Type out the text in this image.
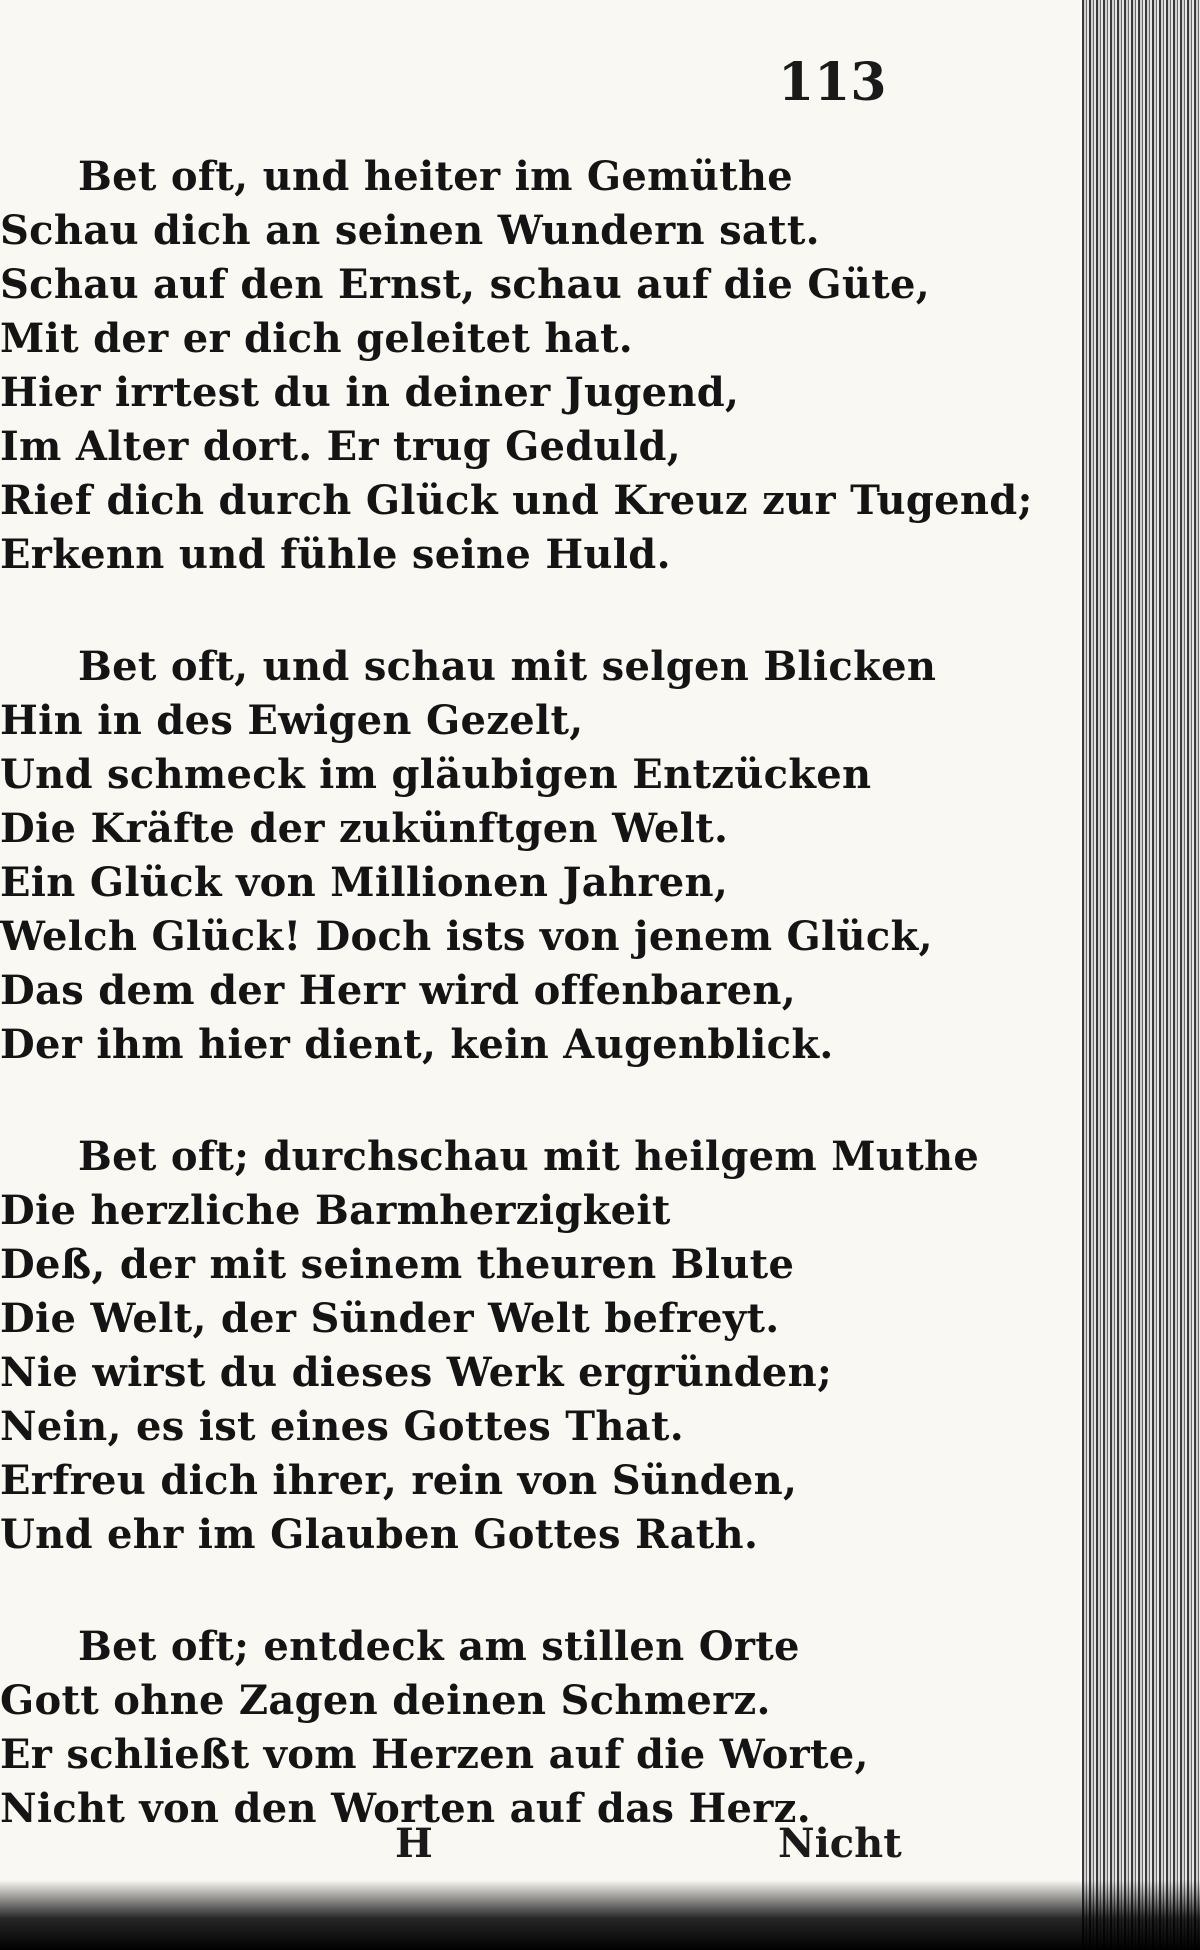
113
Bet oft, und heiter im Gemüthe
Schau dich an seinen Wundern satt.
Schau auf den Ernst, schau auf die Güte,
Mit der er dich geleitet hat.
Hier irrtest du in deiner Jugend,
Im Alter dort. Er trug Geduld,
Rief dich durch Glück und Kreuz zur Tugend;
Erkenn und fühle seine Huld.
Bet oft, und schau mit selgen Blicken
Hin in des Ewigen Gezelt,
Und schmeck im gläubigen Entzücken
Die Kräfte der zukünftgen Welt.
Ein Glück von Millionen Jahren,
Welch Glück! Doch ists von jenem Glück,
Das dem der Herr wird offenbaren,
Der ihm hier dient, kein Augenblick.
Bet oft; durchschau mit heilgem Muthe
Die herzliche Barmherzigkeit
Deß, der mit seinem theuren Blute
Die Welt, der Sünder Welt befreyt.
Nie wirst du dieses Werk ergründen;
Nein, es ist eines Gottes That.
Erfreu dich ihrer, rein von Sünden,
Und ehr im Glauben Gottes Rath.
Bet oft; entdeck am stillen Orte
Gott ohne Zagen deinen Schmerz.
Er schließt vom Herzen auf die Worte,
Nicht von den Worten auf das Herz.
H	Nicht
